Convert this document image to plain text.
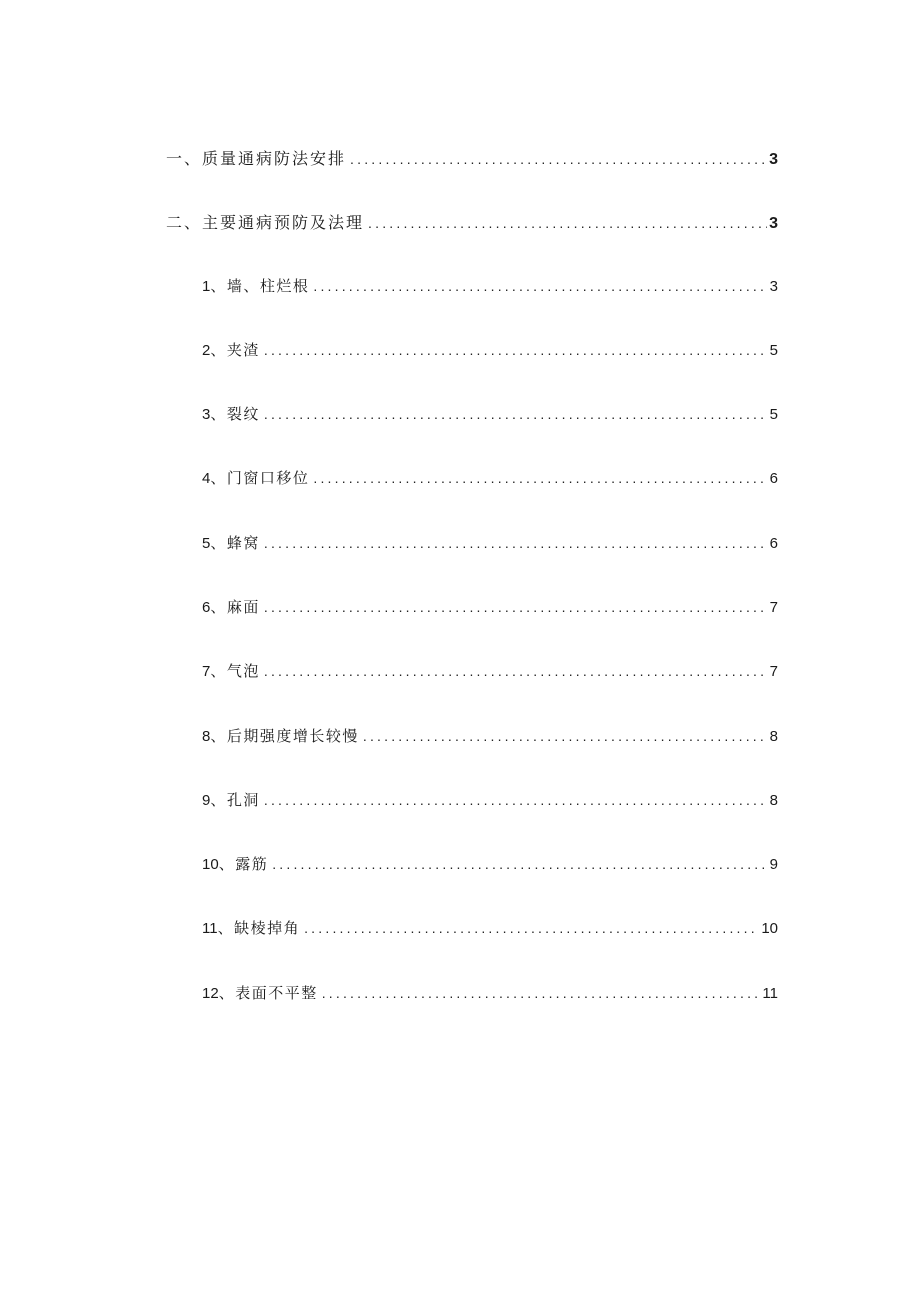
一、质量通病防法安排 .....	3
二、主要通病预防及法理 .....	3
1、墙、柱烂根 .....	3
2、夹渣 .....	5
3、裂纹 .....	5
4、门窗口移位 .....	6
5、蜂窝 .....	6
6、麻面 .....	7
7、气泡 .....	7
8、后期强度增长较慢 .....	8
9、孔洞 .....	8
10、露筋 .....	9
11、缺棱掉角 .....	10
12、表面不平整 .....	11
